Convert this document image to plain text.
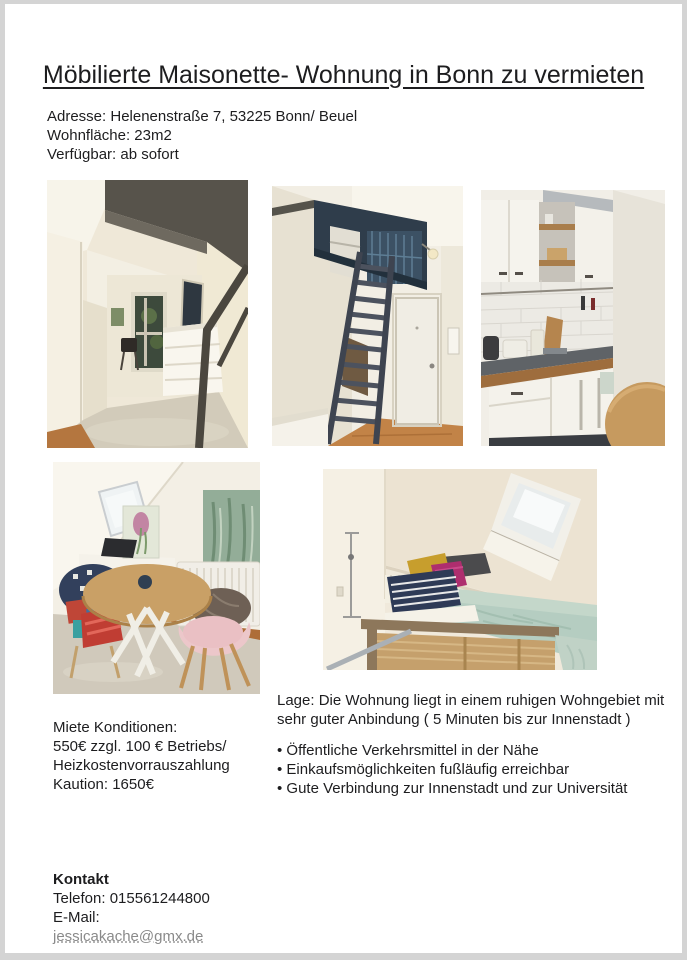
Möbilierte Maisonette- Wohnung in Bonn zu vermieten
Adresse: Helenenstraße 7, 53225 Bonn/ Beuel
Wohnfläche: 23m2
Verfügbar: ab sofort
Miete Konditionen:
550€ zzgl. 100 € Betriebs/
Heizkostenvorrauszahlung
Kaution: 1650€
Lage: Die Wohnung liegt in einem ruhigen Wohngebiet mit
sehr guter Anbindung ( 5 Minuten bis zur Innenstadt )
• Öffentliche Verkehrsmittel in der Nähe
• Einkaufsmöglichkeiten fußläufig erreichbar
• Gute Verbindung zur Innenstadt und zur Universität
Kontakt
Telefon: 015561244800
E-Mail:
jessicakache@gmx.de
